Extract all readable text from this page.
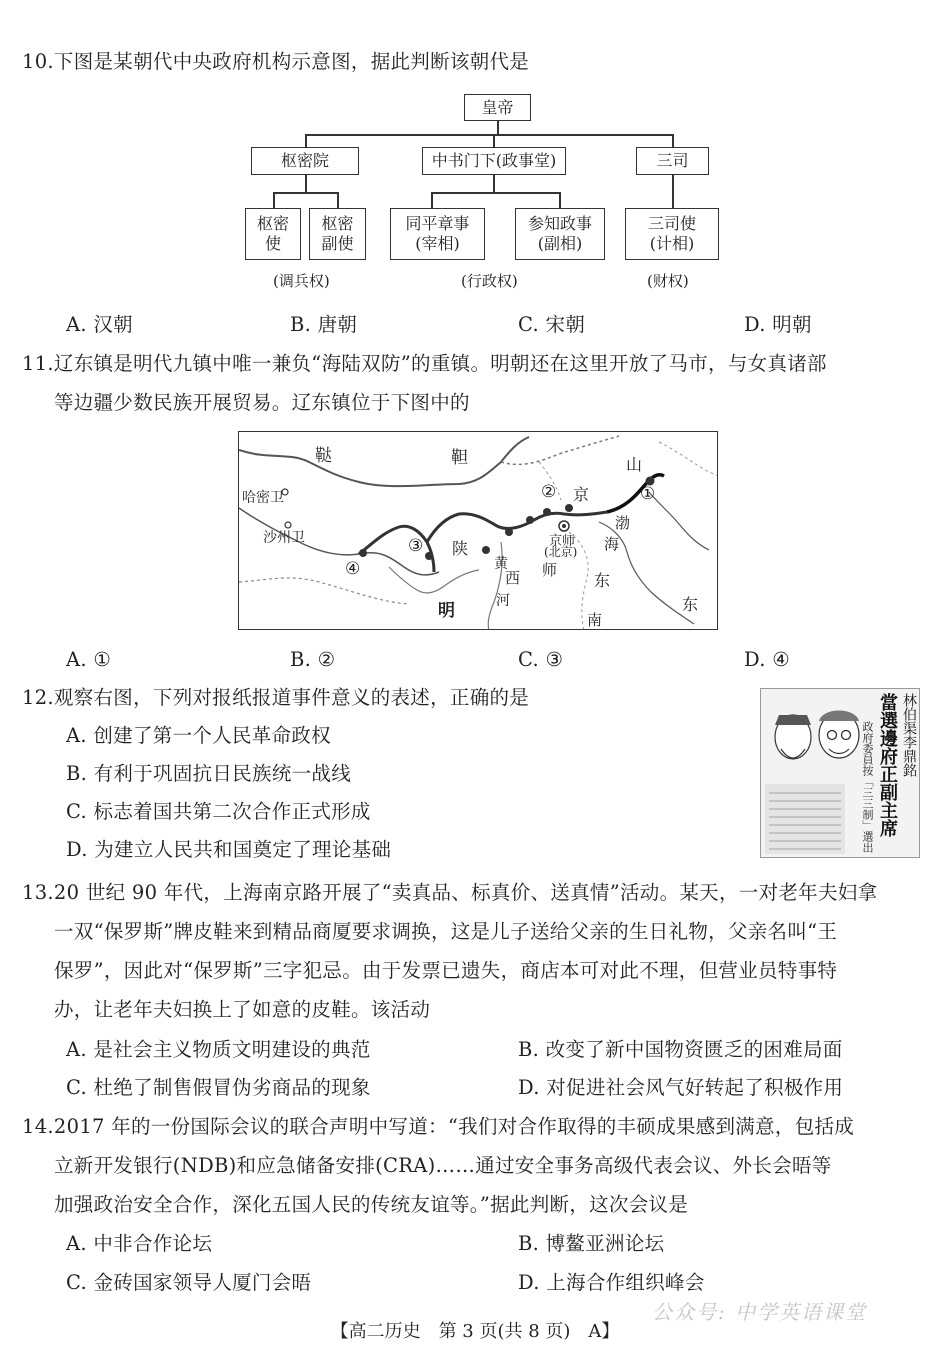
10.下图是某朝代中央政府机构示意图，据此判断该朝代是
皇帝
枢密院	中书门下(政事堂)	三司
枢密
使
枢密
副使
同平章事
(宰相)
参知政事
(副相)
三司使
(计相)
(调兵权)	(行政权)	(财权)
A. 汉朝	B. 唐朝	C. 宋朝	D. 明朝
11.辽东镇是明代九镇中唯一兼负“海陆双防”的重镇。明朝还在这里开放了马市，与女真诸部
等边疆少数民族开展贸易。辽东镇位于下图中的
鞑	靼	山
京
渤
海
哈密卫
沙州卫
陕
西
黄
河
京师
(北京)
师
东
东
南
明
①
②
③
④
A. ①	B. ②	C. ③	D. ④
12.观察右图，下列对报纸报道事件意义的表述，正确的是
A. 创建了第一个人民革命政权
B. 有利于巩固抗日民族统一战线
C. 标志着国共第二次合作正式形成
D. 为建立人民共和国奠定了理论基础
林伯渠李鼎銘
當選邊府正副主席
政府委員按「三三制」選出
13.20 世纪 90 年代，上海南京路开展了“卖真品、标真价、送真情”活动。某天，一对老年夫妇拿
一双“保罗斯”牌皮鞋来到精品商厦要求调换，这是儿子送给父亲的生日礼物，父亲名叫“王
保罗”，因此对“保罗斯”三字犯忌。由于发票已遗失，商店本可对此不理，但营业员特事特
办，让老年夫妇换上了如意的皮鞋。该活动
A. 是社会主义物质文明建设的典范	B. 改变了新中国物资匮乏的困难局面
C. 杜绝了制售假冒伪劣商品的现象	D. 对促进社会风气好转起了积极作用
14.2017 年的一份国际会议的联合声明中写道：“我们对合作取得的丰硕成果感到满意，包括成
立新开发银行(NDB)和应急储备安排(CRA)……通过安全事务高级代表会议、外长会晤等
加强政治安全合作，深化五国人民的传统友谊等。”据此判断，这次会议是
A. 中非合作论坛	B. 博鳌亚洲论坛
C. 金砖国家领导人厦门会晤	D. 上海合作组织峰会
公众号: 中学英语课堂
【高二历史　第 3 页(共 8 页)　A】
